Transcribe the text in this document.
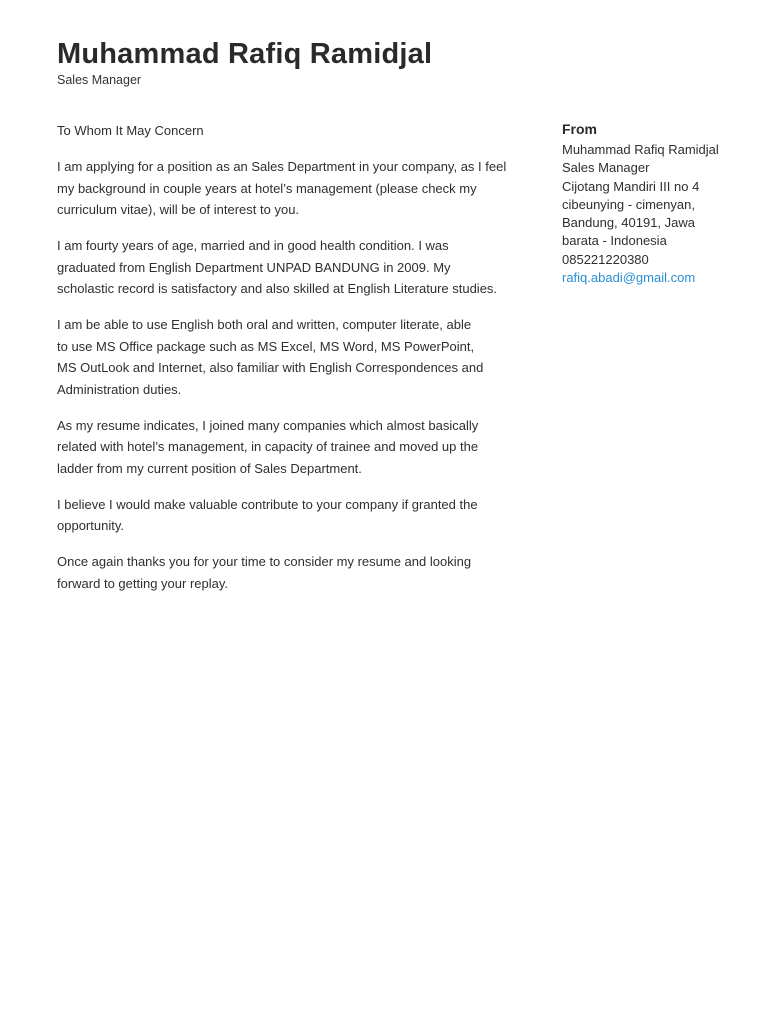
Muhammad Rafiq Ramidjal

Sales Manager

To Whom It May Concern

I am applying for a position as an Sales Department in your company, as I feel my background in couple years at hotel’s management (please check my curriculum vitae), will be of interest to you.

I am fourty years of age, married and in good health condition. I was graduated from English Department UNPAD BANDUNG in 2009. My scholastic record is satisfactory and also skilled at English Literature studies.

I am be able to use English both oral and written, computer literate, able
to use MS Office package such as MS Excel, MS Word, MS PowerPoint,
MS OutLook and Internet, also familiar with English Correspondences and Administration duties.

As my resume indicates, I joined many companies which almost basically related with hotel’s management, in capacity of trainee and moved up the ladder from my current position of Sales Department.

I believe I would make valuable contribute to your company if granted the opportunity.

Once again thanks you for your time to consider my resume and looking forward to getting your replay.

From
Muhammad Rafiq Ramidjal
Sales Manager
Cijotang Mandiri III no 4 cibeunying - cimenyan, Bandung, 40191, Jawa barata - Indonesia
085221220380
rafiq.abadi@gmail.com
